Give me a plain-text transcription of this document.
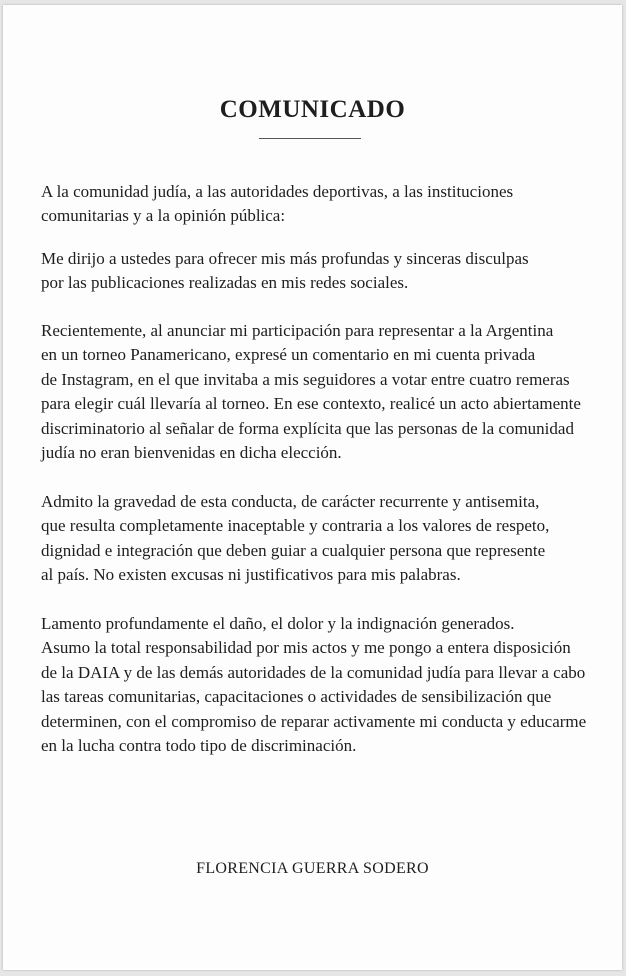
COMUNICADO

A la comunidad judía, a las autoridades deportivas, a las instituciones
comunitarias y a la opinión pública:

Me dirijo a ustedes para ofrecer mis más profundas y sinceras disculpas
por las publicaciones realizadas en mis redes sociales.

Recientemente, al anunciar mi participación para representar a la Argentina
en un torneo Panamericano, expresé un comentario en mi cuenta privada
de Instagram, en el que invitaba a mis seguidores a votar entre cuatro remeras
para elegir cuál llevaría al torneo. En ese contexto, realicé un acto abiertamente
discriminatorio al señalar de forma explícita que las personas de la comunidad
judía no eran bienvenidas en dicha elección.

Admito la gravedad de esta conducta, de carácter recurrente y antisemita,
que resulta completamente inaceptable y contraria a los valores de respeto,
dignidad e integración que deben guiar a cualquier persona que represente
al país. No existen excusas ni justificativos para mis palabras.

Lamento profundamente el daño, el dolor y la indignación generados.
Asumo la total responsabilidad por mis actos y me pongo a entera disposición
de la DAIA y de las demás autoridades de la comunidad judía para llevar a cabo
las tareas comunitarias, capacitaciones o actividades de sensibilización que
determinen, con el compromiso de reparar activamente mi conducta y educarme
en la lucha contra todo tipo de discriminación.

FLORENCIA GUERRA SODERO
